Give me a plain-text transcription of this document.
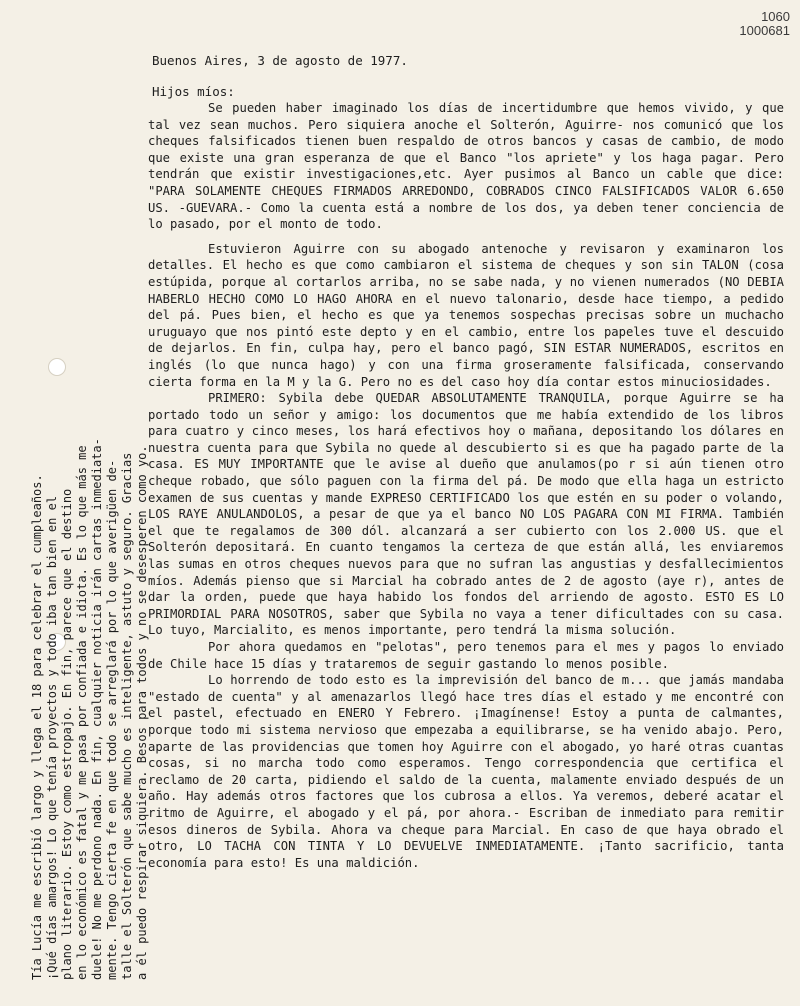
1060
1000681
Buenos Aires, 3 de agosto de 1977.
Hijos míos:

Se pueden haber imaginado los días de incertidumbre que hemos vivido, y que tal vez sean muchos. Pero siquiera anoche el Solterón, Aguirre- nos comunicó que los cheques falsificados tienen buen respaldo de otros bancos y casas de cambio, de modo que existe una gran esperanza de que el Banco "los apriete" y los haga pagar. Pero tendrán que existir investigaciones,etc. Ayer pusimos al Banco un cable que dice: "PARA SOLAMENTE CHEQUES FIRMADOS ARREDONDO, COBRADOS CINCO FALSIFICADOS VALOR 6.650 US. -GUEVARA.- Como la cuenta está a nombre de los dos, ya deben tener conciencia de lo pasado, por el monto de todo.

Estuvieron Aguirre con su abogado antenoche y revisaron y examinaron los detalles. El hecho es que como cambiaron el sistema de cheques y son sin TALON (cosa estúpida, porque al cortarlos arriba, no se sabe nada, y no vienen numerados (NO DEBIA HABERLO HECHO COMO LO HAGO AHORA en el nuevo talonario, desde hace tiempo, a pedido del pá. Pues bien, el hecho es que ya tenemos sospechas precisas sobre un muchacho uruguayo que nos pintó este depto y en el cambio, entre los papeles tuve el descuido de dejarlos. En fin, culpa hay, pero el banco pagó, SIN ESTAR NUMERADOS, escritos en inglés (lo que nunca hago) y con una firma groseramente falsificada, conservando cierta forma en la M y la G. Pero no es del caso hoy día contar estos minuciosidades.

PRIMERO: Sybila debe QUEDAR ABSOLUTAMENTE TRANQUILA, porque Aguirre se ha portado todo un señor y amigo: los documentos que me había extendido de los libros para cuatro y cinco meses, los hará efectivos hoy o mañana, depositando los dólares en nuestra cuenta para que Sybila no quede al descubierto si es que ha pagado parte de la casa. ES MUY IMPORTANTE que le avise al dueño que anulamos(po r si aún tienen otro cheque robado, que sólo paguen con la firma del pá. De modo que ella haga un estricto examen de sus cuentas y mande EXPRESO CERTIFICADO los que estén en su poder o volando, LOS RAYE ANULANDOLOS, a pesar de que ya el banco NO LOS PAGARA CON MI FIRMA. También el que te regalamos de 300 dól. alcanzará a ser cubierto con los 2.000 US. que el Solterón depositará. En cuanto tengamos la certeza de que están allá, les enviaremos las sumas en otros cheques nuevos para que no sufran las angustias y desfallecimientos míos. Además pienso que si Marcial ha cobrado antes de 2 de agosto (aye r), antes de dar la orden, puede que haya habido los fondos del arriendo de agosto. ESTO ES LO PRIMORDIAL PARA NOSOTROS, saber que Sybila no vaya a tener dificultades con su casa. Lo tuyo, Marcialito, es menos importante, pero tendrá la misma solución.

Por ahora quedamos en "pelotas", pero tenemos para el mes y pagos lo enviado de Chile hace 15 días y trataremos de seguir gastando lo menos posible.

Lo horrendo de todo esto es la imprevisión del banco de m... que jamás mandaba "estado de cuenta" y al amenazarlos llegó hace tres días el estado y me encontré con el pastel, efectuado en ENERO Y Febrero. ¡Imagínense! Estoy a punta de calmantes, porque todo mi sistema nervioso que empezaba a equilibrarse, se ha venido abajo. Pero, aparte de las providencias que tomen hoy Aguirre con el abogado, yo haré otras cuantas cosas, si no marcha todo como esperamos. Tengo correspondencia que certifica el reclamo de 20 carta, pidiendo el saldo de la cuenta, malamente enviado después de un año. Hay además otros factores que los cubrosa a ellos. Ya veremos, deberé acatar el ritmo de Aguirre, el abogado y el pá, por ahora.- Escriban de inmediato para remitir esos dineros de Sybila. Ahora va cheque para Marcial. En caso de que haya obrado el otro, LO TACHA CON TINTA Y LO DEVUELVE INMEDIATAMENTE. ¡Tanto sacrificio, tanta economía para esto! Es una maldición.

Tía Lucía me escribió largo y llega el 18 para celebrar el cumpleaños. ¡Qué días amargos! Lo que tenía proyectos y todo iba tan bien en el plano literario. Estoy como estropajo. En fin, parece que el destino en lo económico es fatal y me pasa por confiada e idiota. Es lo que más me duele! No me perdono nada. En fin, cualquier noticia irán cartas inmediata- mente. Tengo cierta fe en que todo se arreglará por lo que averigüen de- talle el Solterón que sabe mucho es inteligente, astuto y seguro. Gracias a él puedo respirar siquiera. Besos para todos y no se desesperen como yo.
